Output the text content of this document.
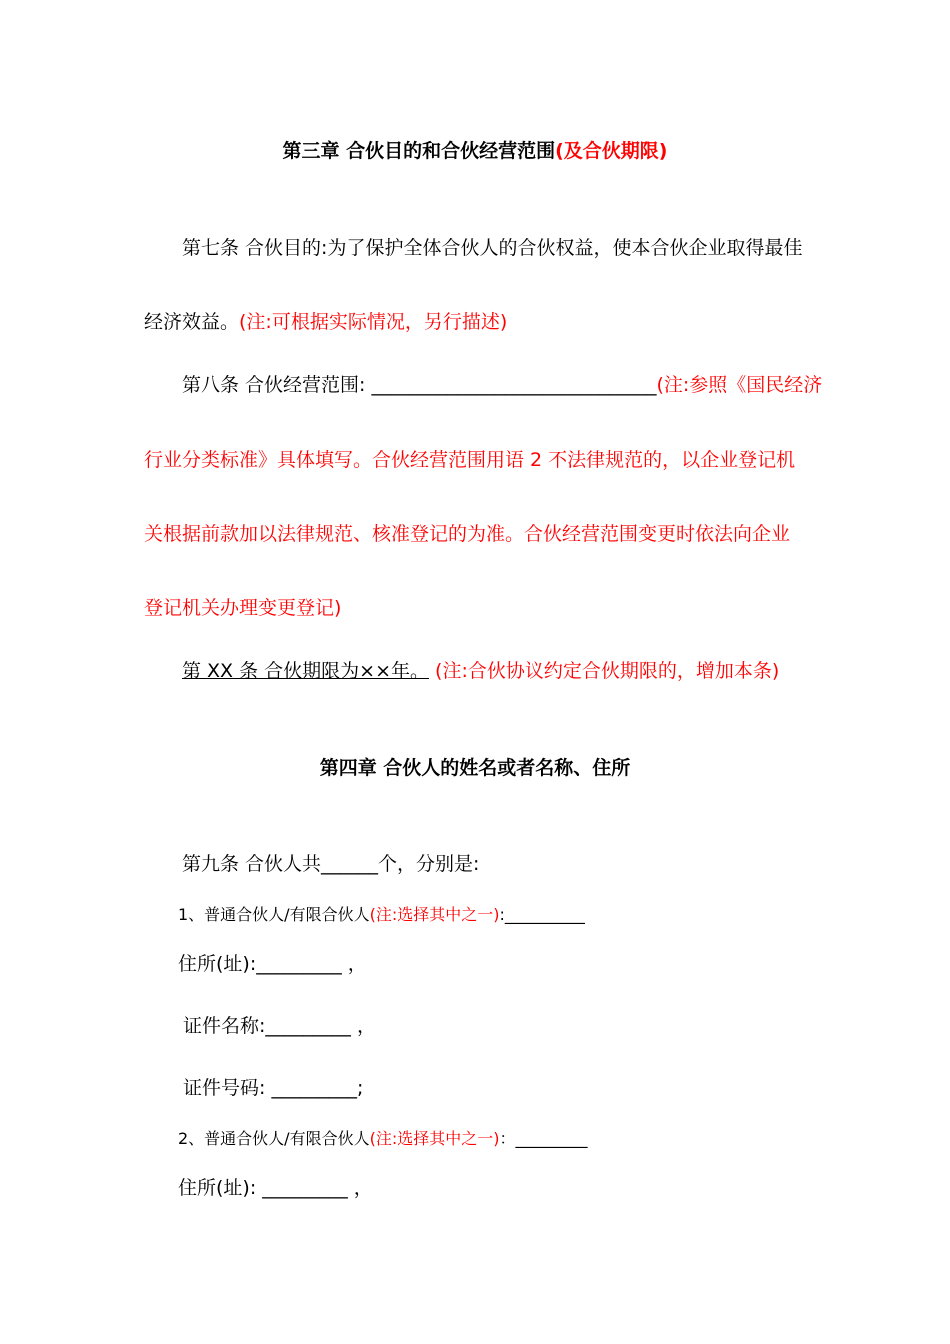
第三章 合伙目的和合伙经营范围(及合伙期限)
第七条 合伙目的:为了保护全体合伙人的合伙权益，使本合伙企业取得最佳
经济效益。(注:可根据实际情况，另行描述)
第八条 合伙经营范围: ______________________________(注:参照《国民经济
行业分类标准》具体填写。合伙经营范围用语 2 不法律规范的，以企业登记机
关根据前款加以法律规范、核准登记的为准。合伙经营范围变更时依法向企业
登记机关办理变更登记)
第 XX 条 合伙期限为××年。 (注:合伙协议约定合伙期限的，增加本条)
第四章 合伙人的姓名或者名称、住所
第九条 合伙人共______个，分别是:
1、普通合伙人/有限合伙人(注:选择其中之一):__________
住所(址):_________ ，
证件名称:_________ ，
证件号码: _________;
2、普通合伙人/有限合伙人(注:选择其中之一)：_________
住所(址): _________ ，
